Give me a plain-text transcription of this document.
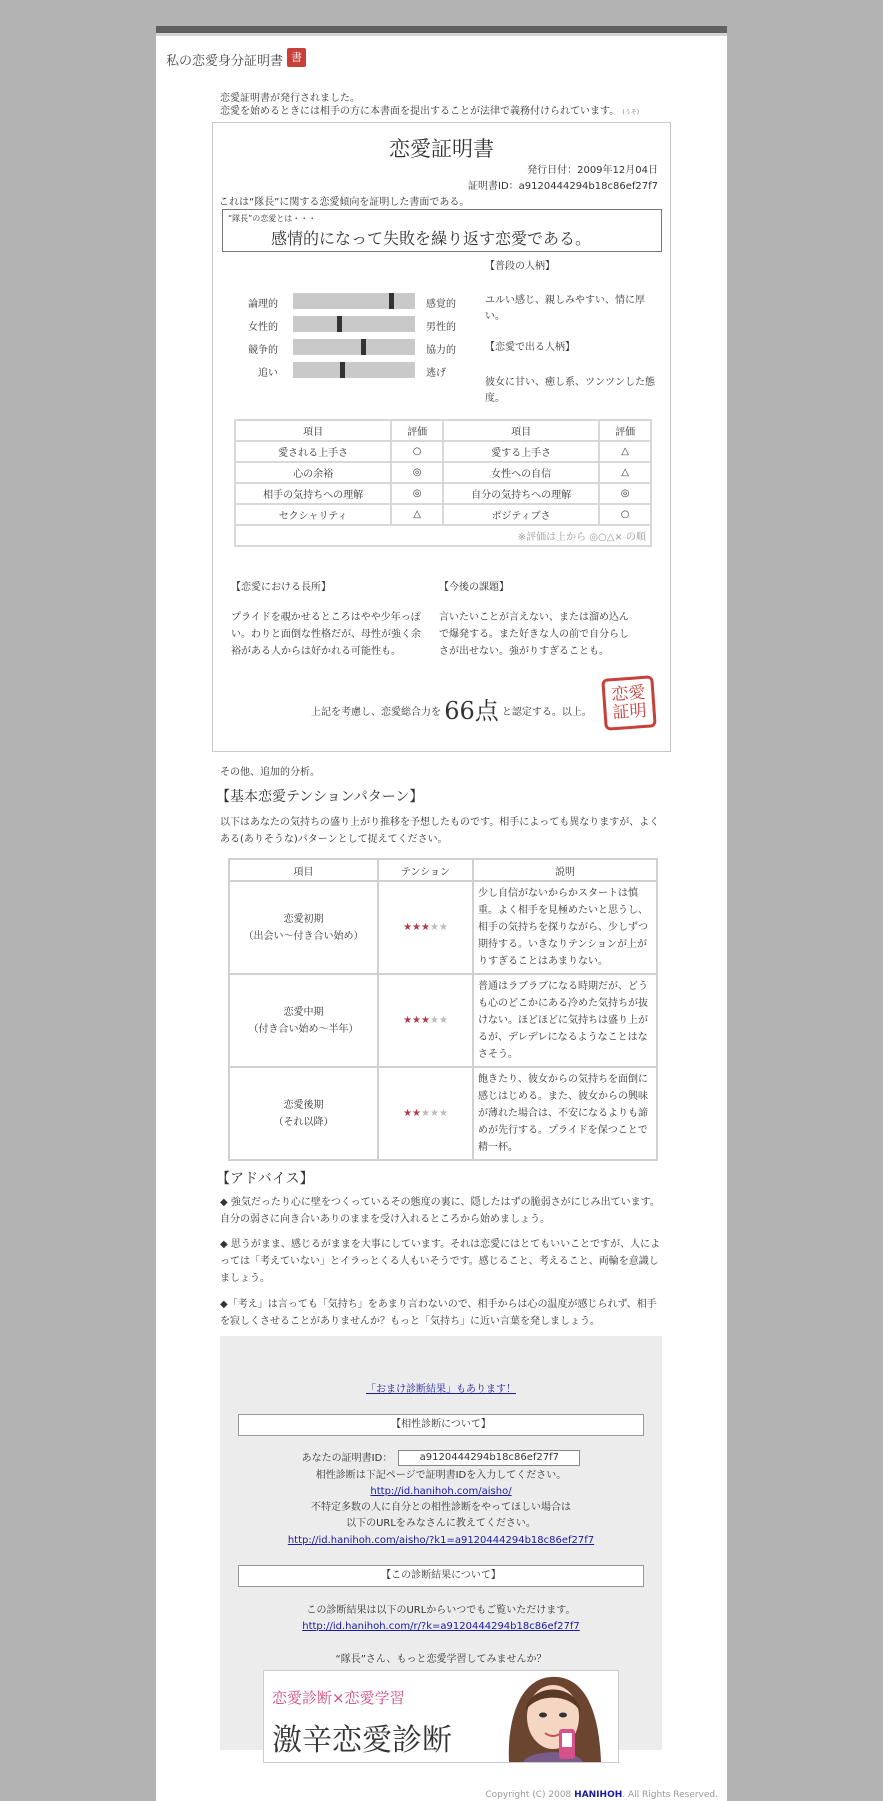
私の恋愛身分証明書 書
恋愛証明書が発行されました。
恋愛を始めるときには相手の方に本書面を提出することが法律で義務付けられています。 (うそ)
恋愛証明書
発行日付：2009年12月04日
証明書ID：a9120444294b18c86ef27f7
これは“隊長”に関する恋愛傾向を証明した書面である。
“隊長”の恋愛とは・・・
感情的になって失敗を繰り返す恋愛である。
論理的	感覚的
女性的	男性的
競争的	協力的
追い	逃げ
【普段の人柄】
ユルい感じ、親しみやすい、情に厚い。
【恋愛で出る人柄】
彼女に甘い、癒し系、ツンツンした態度。
項目	評価	項目	評価
愛される上手さ	○	愛する上手さ	△
心の余裕	◎	女性への自信	△
相手の気持ちへの理解	◎	自分の気持ちへの理解	◎
セクシャリティ	△	ポジティブさ	○
※評価は上から ◎○△× の順			
【恋愛における長所】
プライドを覗かせるところはやや少年っぽい。わりと面倒な性格だが、母性が強く余裕がある人からは好かれる可能性も。
【今後の課題】
言いたいことが言えない、または溜め込んで爆発する。また好きな人の前で自分らしさが出せない。強がりすぎることも。
上記を考慮し、恋愛総合力を 66点 と認定する。以上。
恋愛証明
その他、追加的分析。
【基本恋愛テンションパターン】
以下はあなたの気持ちの盛り上がり推移を予想したものです。相手によっても異なりますが、よくある(ありそうな)パターンとして捉えてください。
項目	テンション	説明

恋愛初期
（出会い～付き合い始め）	★★★★★	少し自信がないからかスタートは慎重。よく相手を見極めたいと思うし、相手の気持ちを探りながら、少しずつ期待する。いきなりテンションが上がりすぎることはあまりない。

恋愛中期
（付き合い始め～半年）	★★★★★	普通はラブラブになる時期だが、どうも心のどこかにある冷めた気持ちが抜けない。ほどほどに気持ちは盛り上がるが、デレデレになるようなことはなさそう。

恋愛後期
（それ以降）	★★★★★	飽きたり、彼女からの気持ちを面倒に感じはじめる。また、彼女からの興味が薄れた場合は、不安になるよりも諦めが先行する。プライドを保つことで精一杯。
【アドバイス】
◆ 強気だったり心に壁をつくっているその態度の裏に、隠したはずの脆弱さがにじみ出ています。自分の弱さに向き合いありのままを受け入れるところから始めましょう。
◆ 思うがまま、感じるがままを大事にしています。それは恋愛にはとてもいいことですが、人によっては「考えていない」とイラっとくる人もいそうです。感じること、考えること、両輪を意識しましょう。
◆「考え」は言っても「気持ち」をあまり言わないので、相手からは心の温度が感じられず、相手を寂しくさせることがありませんか？もっと「気持ち」に近い言葉を発しましょう。
「おまけ診断結果」もあります！
【相性診断について】
あなたの証明書ID：	a9120444294b18c86ef27f7
相性診断は下記ページで証明書IDを入力してください。
http://id.hanihoh.com/aisho/
不特定多数の人に自分との相性診断をやってほしい場合は
以下のURLをみなさんに教えてください。
http://id.hanihoh.com/aisho/?k1=a9120444294b18c86ef27f7
【この診断結果について】
この診断結果は以下のURLからいつでもご覧いただけます。
http://id.hanihoh.com/r/?k=a9120444294b18c86ef27f7
“隊長”さん、もっと恋愛学習してみませんか？
恋愛診断×恋愛学習
激辛恋愛診断
Copyright (C) 2008 HANIHOH. All Rights Reserved.
